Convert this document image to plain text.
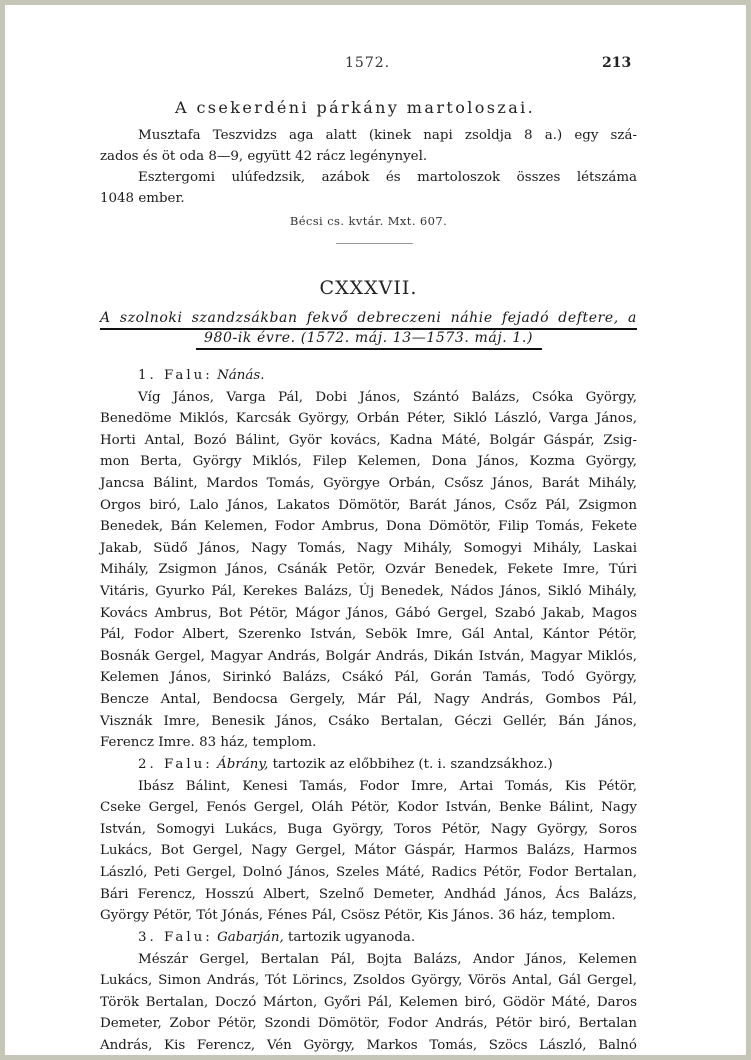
1572.	213
A csekerdéni párkány martoloszai.
Musztafa Teszvidzs aga alatt (kinek napi zsoldja 8 a.) egy szá-
zados és öt oda 8—9, együtt 42 rácz legénynyel.
Esztergomi ulúfedzsik, azábok és martoloszok összes létszáma
1048 ember.
Bécsi cs. kvtár. Mxt. 607.
CXXXVII.
A szolnoki szandzsákban fekvő debreczeni náhie fejadó deftere, a
980-ik évre. (1572. máj. 13—1573. máj. 1.)
1. Falu: Nánás.
Víg János, Varga Pál, Dobi János, Szántó Balázs, Csóka György,
Benedöme Miklós, Karcsák György, Orbán Péter, Sikló László, Varga János,
Horti Antal, Bozó Bálint, Györ kovács, Kadna Máté, Bolgár Gáspár, Zsig-
mon Berta, György Miklós, Filep Kelemen, Dona János, Kozma György,
Jancsa Bálint, Mardos Tomás, Györgye Orbán, Csősz János, Barát Mihály,
Orgos biró, Lalo János, Lakatos Dömötör, Barát János, Csőz Pál, Zsigmon
Benedek, Bán Kelemen, Fodor Ambrus, Dona Dömötör, Filip Tomás, Fekete
Jakab, Südő János, Nagy Tomás, Nagy Mihály, Somogyi Mihály, Laskai
Mihály, Zsigmon János, Csánák Petör, Ozvár Benedek, Fekete Imre, Túri
Vitáris, Gyurko Pál, Kerekes Balázs, Új Benedek, Nádos János, Sikló Mihály,
Kovács Ambrus, Bot Pétör, Mágor János, Gábó Gergel, Szabó Jakab, Magos
Pál, Fodor Albert, Szerenko István, Sebök Imre, Gál Antal, Kántor Pétör,
Bosnák Gergel, Magyar András, Bolgár András, Dikán István, Magyar Miklós,
Kelemen János, Sirinkó Balázs, Csákó Pál, Gorán Tamás, Todó György,
Bencze Antal, Bendocsa Gergely, Már Pál, Nagy András, Gombos Pál,
Visznák Imre, Benesik János, Csáko Bertalan, Géczi Gellér, Bán János,
Ferencz Imre. 83 ház, templom.
2. Falu: Ábrány, tartozik az előbbihez (t. i. szandzsákhoz.)
Ibász Bálint, Kenesi Tamás, Fodor Imre, Artai Tomás, Kis Pétör,
Cseke Gergel, Fenós Gergel, Oláh Pétör, Kodor István, Benke Bálint, Nagy
István, Somogyi Lukács, Buga György, Toros Pétör, Nagy György, Soros
Lukács, Bot Gergel, Nagy Gergel, Mátor Gáspár, Harmos Balázs, Harmos
László, Peti Gergel, Dolnó János, Szeles Máté, Radics Pétör, Fodor Bertalan,
Bári Ferencz, Hosszú Albert, Szelnő Demeter, Andhád János, Ács Balázs,
György Pétör, Tót Jónás, Fénes Pál, Csösz Pétör, Kis János. 36 ház, templom.
3. Falu: Gabarján, tartozik ugyanoda.
Mészár Gergel, Bertalan Pál, Bojta Balázs, Andor János, Kelemen
Lukács, Simon András, Tót Lörincs, Zsoldos György, Vörös Antal, Gál Gergel,
Török Bertalan, Doczó Márton, Győri Pál, Kelemen biró, Gödör Máté, Daros
Demeter, Zobor Pétör, Szondi Dömötör, Fodor András, Pétör biró, Bertalan
András, Kis Ferencz, Vén György, Markos Tomás, Szöcs László, Balnó
